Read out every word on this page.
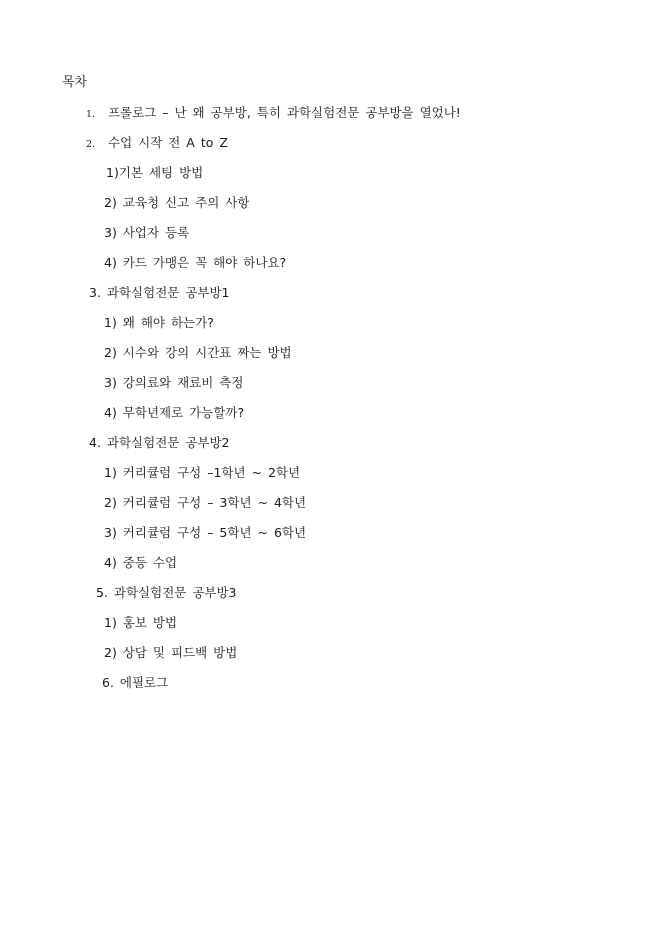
목차
1. 프롤로그 – 난 왜 공부방, 특히 과학실험전문 공부방을 열었나!
2. 수업 시작 전 A to Z
1)기본 세팅 방법
2) 교육청 신고 주의 사항
3) 사업자 등록
4) 카드 가맹은 꼭 해야 하나요?
3. 과학실험전문 공부방1
1) 왜 해야 하는가?
2) 시수와 강의 시간표 짜는 방법
3) 강의료와 재료비 측정
4) 무학년제로 가능할까?
4. 과학실험전문 공부방2
1) 커리큘럼 구성 –1학년 ~ 2학년
2) 커리큘럼 구성 – 3학년 ~ 4학년
3) 커리큘럼 구성 – 5학년 ~ 6학년
4) 중등 수업
5. 과학실험전문 공부방3
1) 홍보 방법
2) 상담 및 피드백 방법
6. 에필로그
